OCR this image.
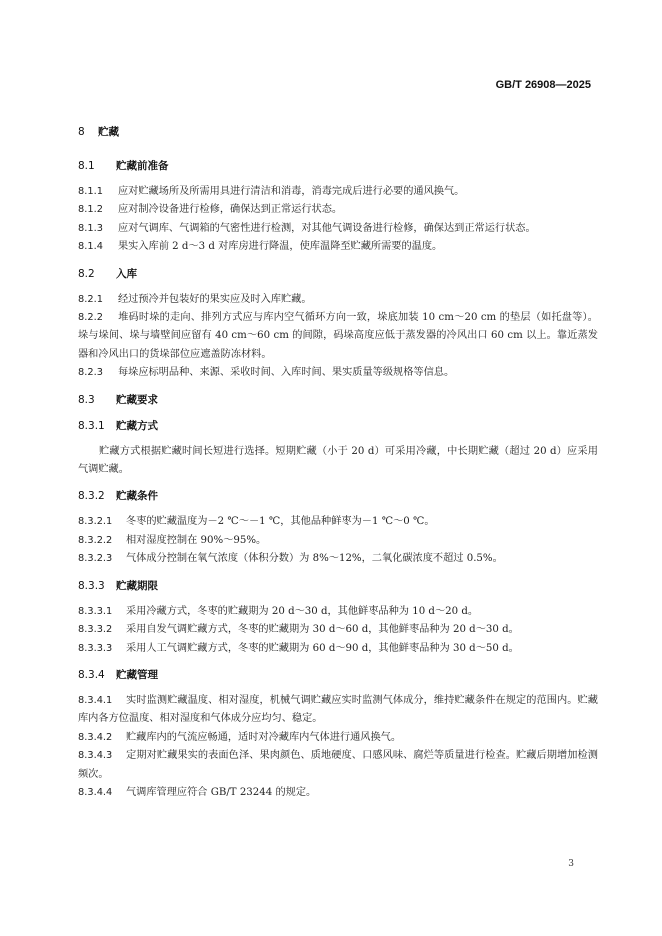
GB/T 26908—2025
8	贮藏
8.1	贮藏前准备
8.1.1 应对贮藏场所及所需用具进行清洁和消毒，消毒完成后进行必要的通风换气。
8.1.2 应对制冷设备进行检修，确保达到正常运行状态。
8.1.3 应对气调库、气调箱的气密性进行检测，对其他气调设备进行检修，确保达到正常运行状态。
8.1.4 果实入库前 2 d～3 d 对库房进行降温，使库温降至贮藏所需要的温度。
8.2	入库
8.2.1 经过预冷并包装好的果实应及时入库贮藏。
8.2.2 堆码时垛的走向、排列方式应与库内空气循环方向一致，垛底加装 10 cm～20 cm 的垫层（如托盘等）。垛与垛间、垛与墙壁间应留有 40 cm～60 cm 的间隙，码垛高度应低于蒸发器的冷风出口 60 cm 以上。靠近蒸发器和冷风出口的货垛部位应遮盖防冻材料。
8.2.3 每垛应标明品种、来源、采收时间、入库时间、果实质量等级规格等信息。
8.3	贮藏要求
8.3.1	贮藏方式
贮藏方式根据贮藏时间长短进行选择。短期贮藏（小于 20 d）可采用冷藏，中长期贮藏（超过 20 d）应采用气调贮藏。
8.3.2	贮藏条件
8.3.2.1 冬枣的贮藏温度为－2 ℃～－1 ℃，其他品种鲜枣为－1 ℃～0 ℃。
8.3.2.2 相对湿度控制在 90%～95%。
8.3.2.3 气体成分控制在氧气浓度（体积分数）为 8%～12%，二氧化碳浓度不超过 0.5%。
8.3.3	贮藏期限
8.3.3.1 采用冷藏方式，冬枣的贮藏期为 20 d～30 d，其他鲜枣品种为 10 d～20 d。
8.3.3.2 采用自发气调贮藏方式，冬枣的贮藏期为 30 d～60 d，其他鲜枣品种为 20 d～30 d。
8.3.3.3 采用人工气调贮藏方式，冬枣的贮藏期为 60 d～90 d，其他鲜枣品种为 30 d～50 d。
8.3.4	贮藏管理
8.3.4.1 实时监测贮藏温度、相对湿度，机械气调贮藏应实时监测气体成分，维持贮藏条件在规定的范围内。贮藏库内各方位温度、相对湿度和气体成分应均匀、稳定。
8.3.4.2 贮藏库内的气流应畅通，适时对冷藏库内气体进行通风换气。
8.3.4.3 定期对贮藏果实的表面色泽、果肉颜色、质地硬度、口感风味、腐烂等质量进行检查。贮藏后期增加检测频次。
8.3.4.4 气调库管理应符合 GB/T 23244 的规定。
3
